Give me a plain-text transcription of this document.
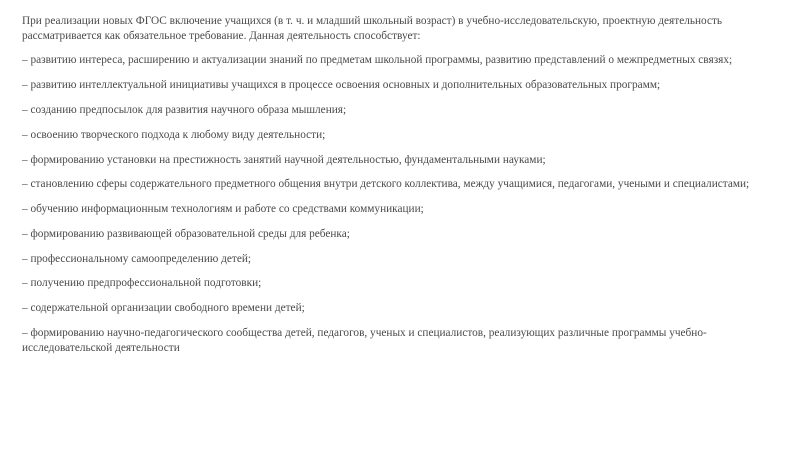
При реализации новых ФГОС включение учащихся (в т. ч. и младший школьный возраст) в учебно-исследовательскую, проектную деятельность рассматривается как обязательное требование. Данная деятельность способствует:

– развитию интереса, расширению и актуализации знаний по предметам школьной программы, развитию представлений о межпредметных связях;

– развитию интеллектуальной инициативы учащихся в процессе освоения основных и дополнительных образовательных программ;

– созданию предпосылок для развития научного образа мышления;

– освоению творческого подхода к любому виду деятельности;

– формированию установки на престижность занятий научной деятельностью, фундаментальными науками;

– становлению сферы содержательного предметного общения внутри детского коллектива, между учащимися, педагогами, учеными и специалистами;

– обучению информационным технологиям и работе со средствами коммуникации;

– формированию развивающей образовательной среды для ребенка;

– профессиональному самоопределению детей;

– получению предпрофессиональной подготовки;

– содержательной организации свободного времени детей;

– формированию научно-педагогического сообщества детей, педагогов, ученых и специалистов, реализующих различные программы учебно-исследовательской деятельности
